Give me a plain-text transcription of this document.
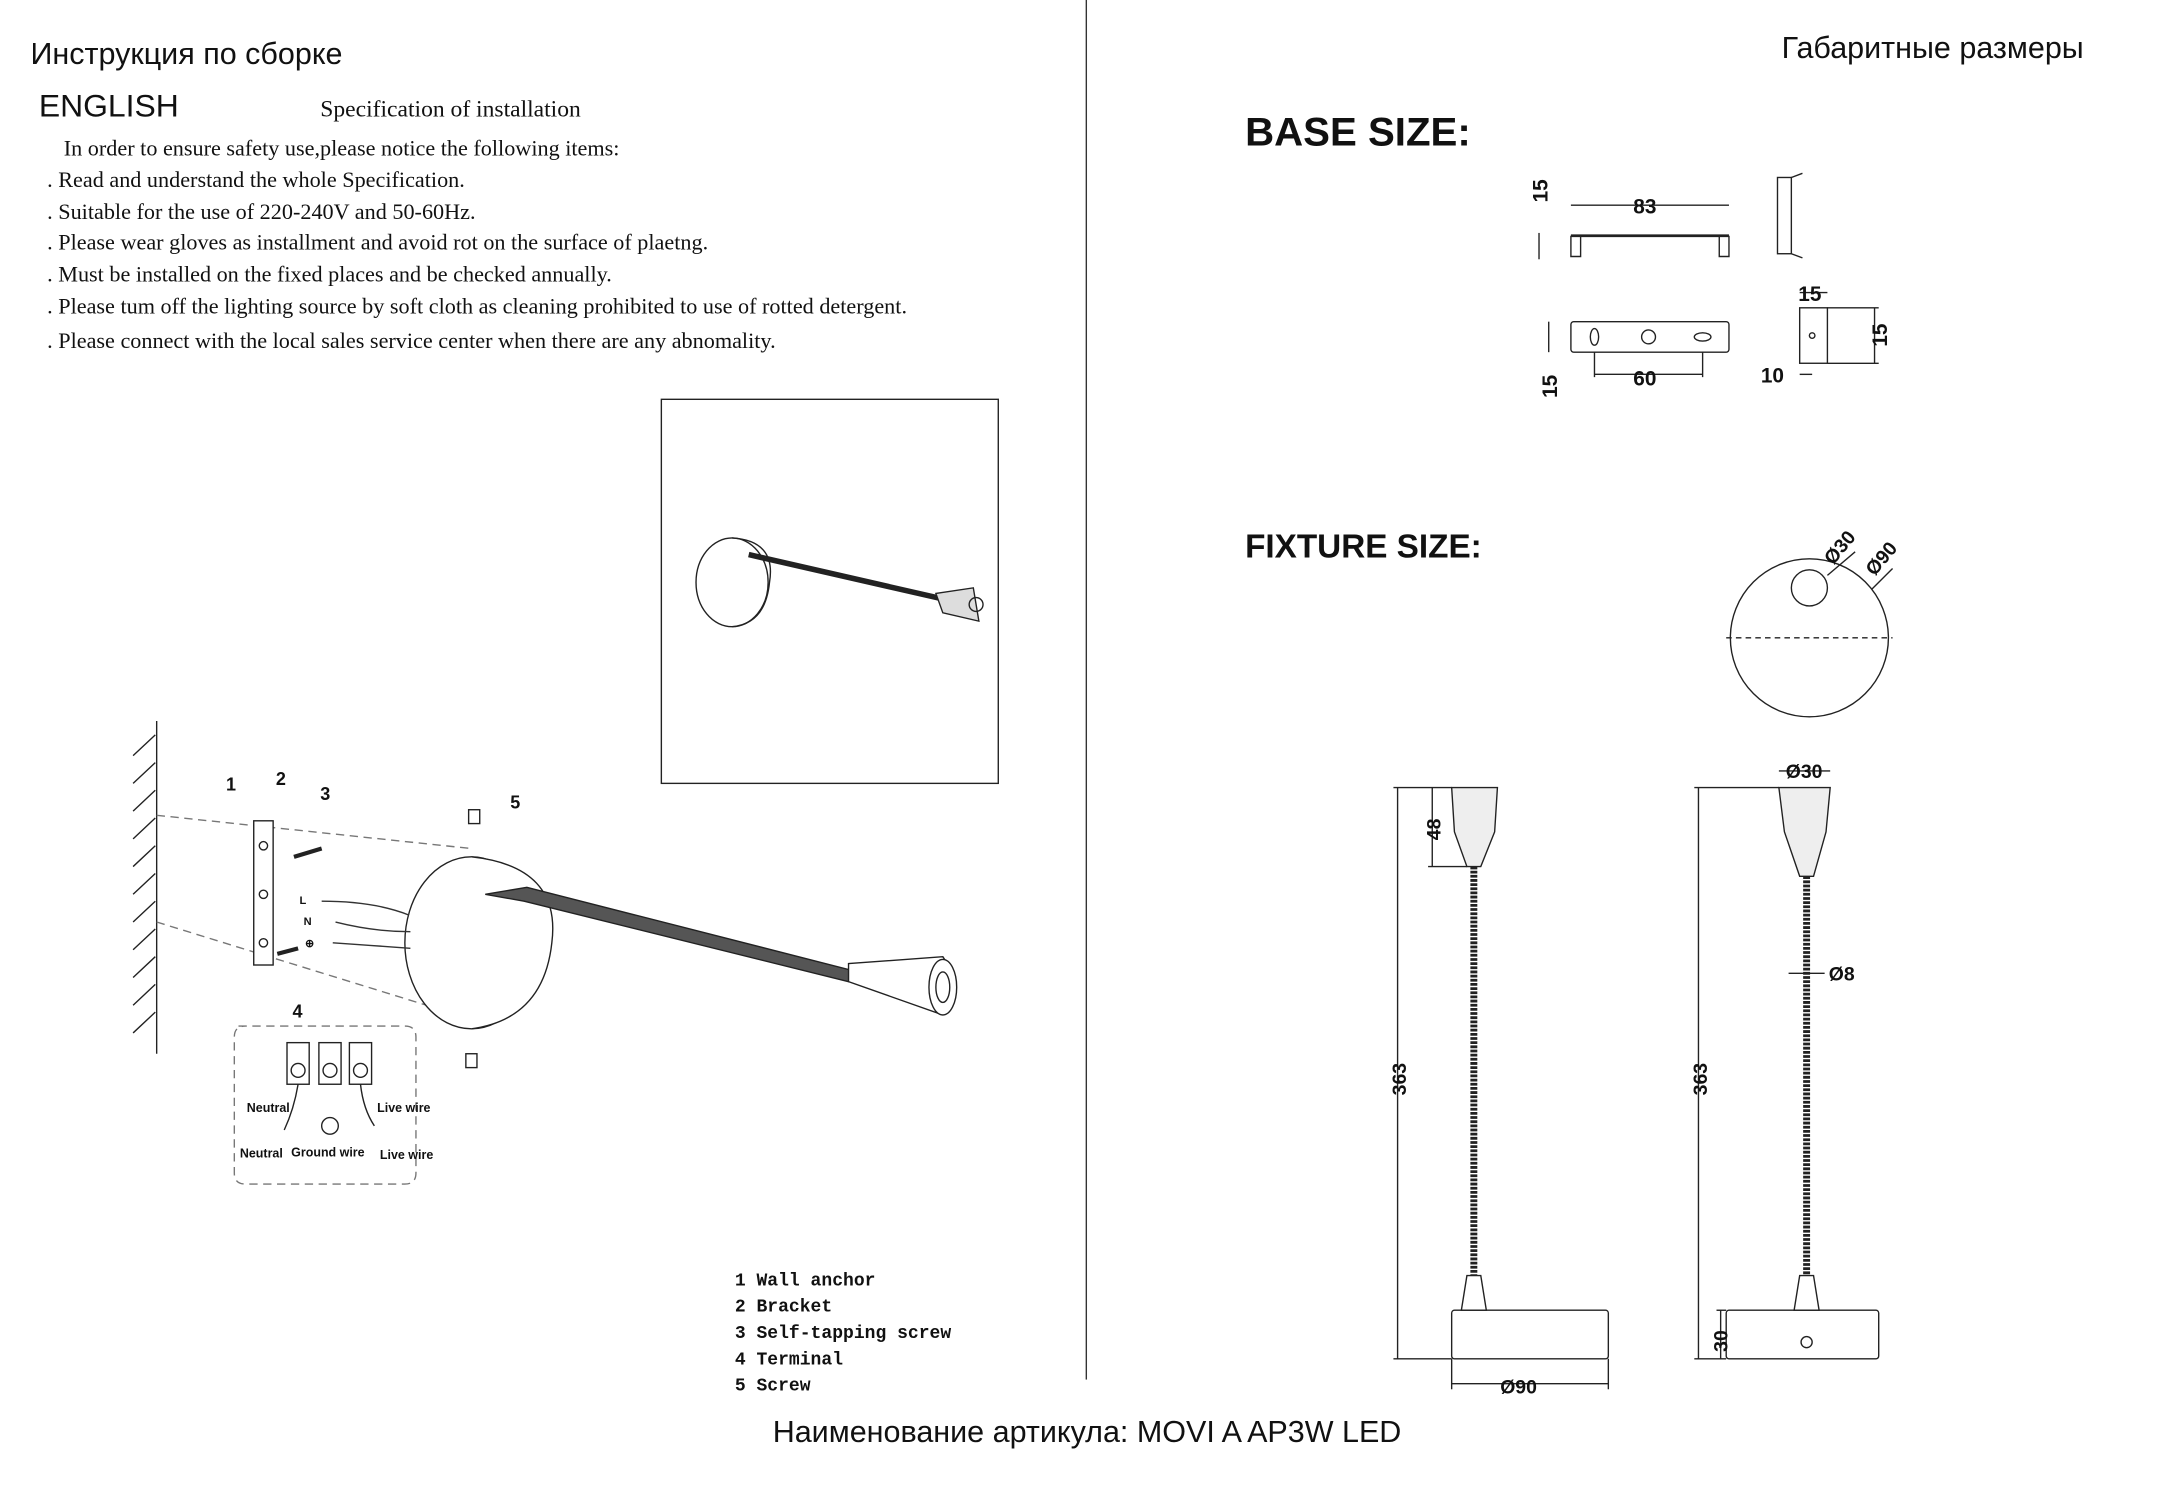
Инструкция по сборке	Габаритные размеры
ENGLISH	Specification of installation
In order to ensure safety use,please notice the following items:
. Read and understand the whole Specification.
. Suitable for the use of 220-240V and 50-60Hz.
. Please wear gloves as installment and avoid rot on the surface of plaetng.
. Must be installed on the fixed places and be checked annually.
. Please tum off the lighting source by soft cloth as cleaning prohibited to use of rotted detergent.
. Please connect with the local sales service center when there are any abnomality.
1	2
3
4
5
L
N
⊕
Neutral	Live wire
Neutral Ground wire Live wire
1 Wall anchor
2 Bracket
3 Self-tapping screw
4 Terminal
5 Screw
BASE SIZE:
FIXTURE SIZE:
15
83
15	60
15
15
10
Ø30 Ø90
48
363
Ø90
Ø30
Ø8
363
30
Наименование артикула: MOVI A AP3W LED
